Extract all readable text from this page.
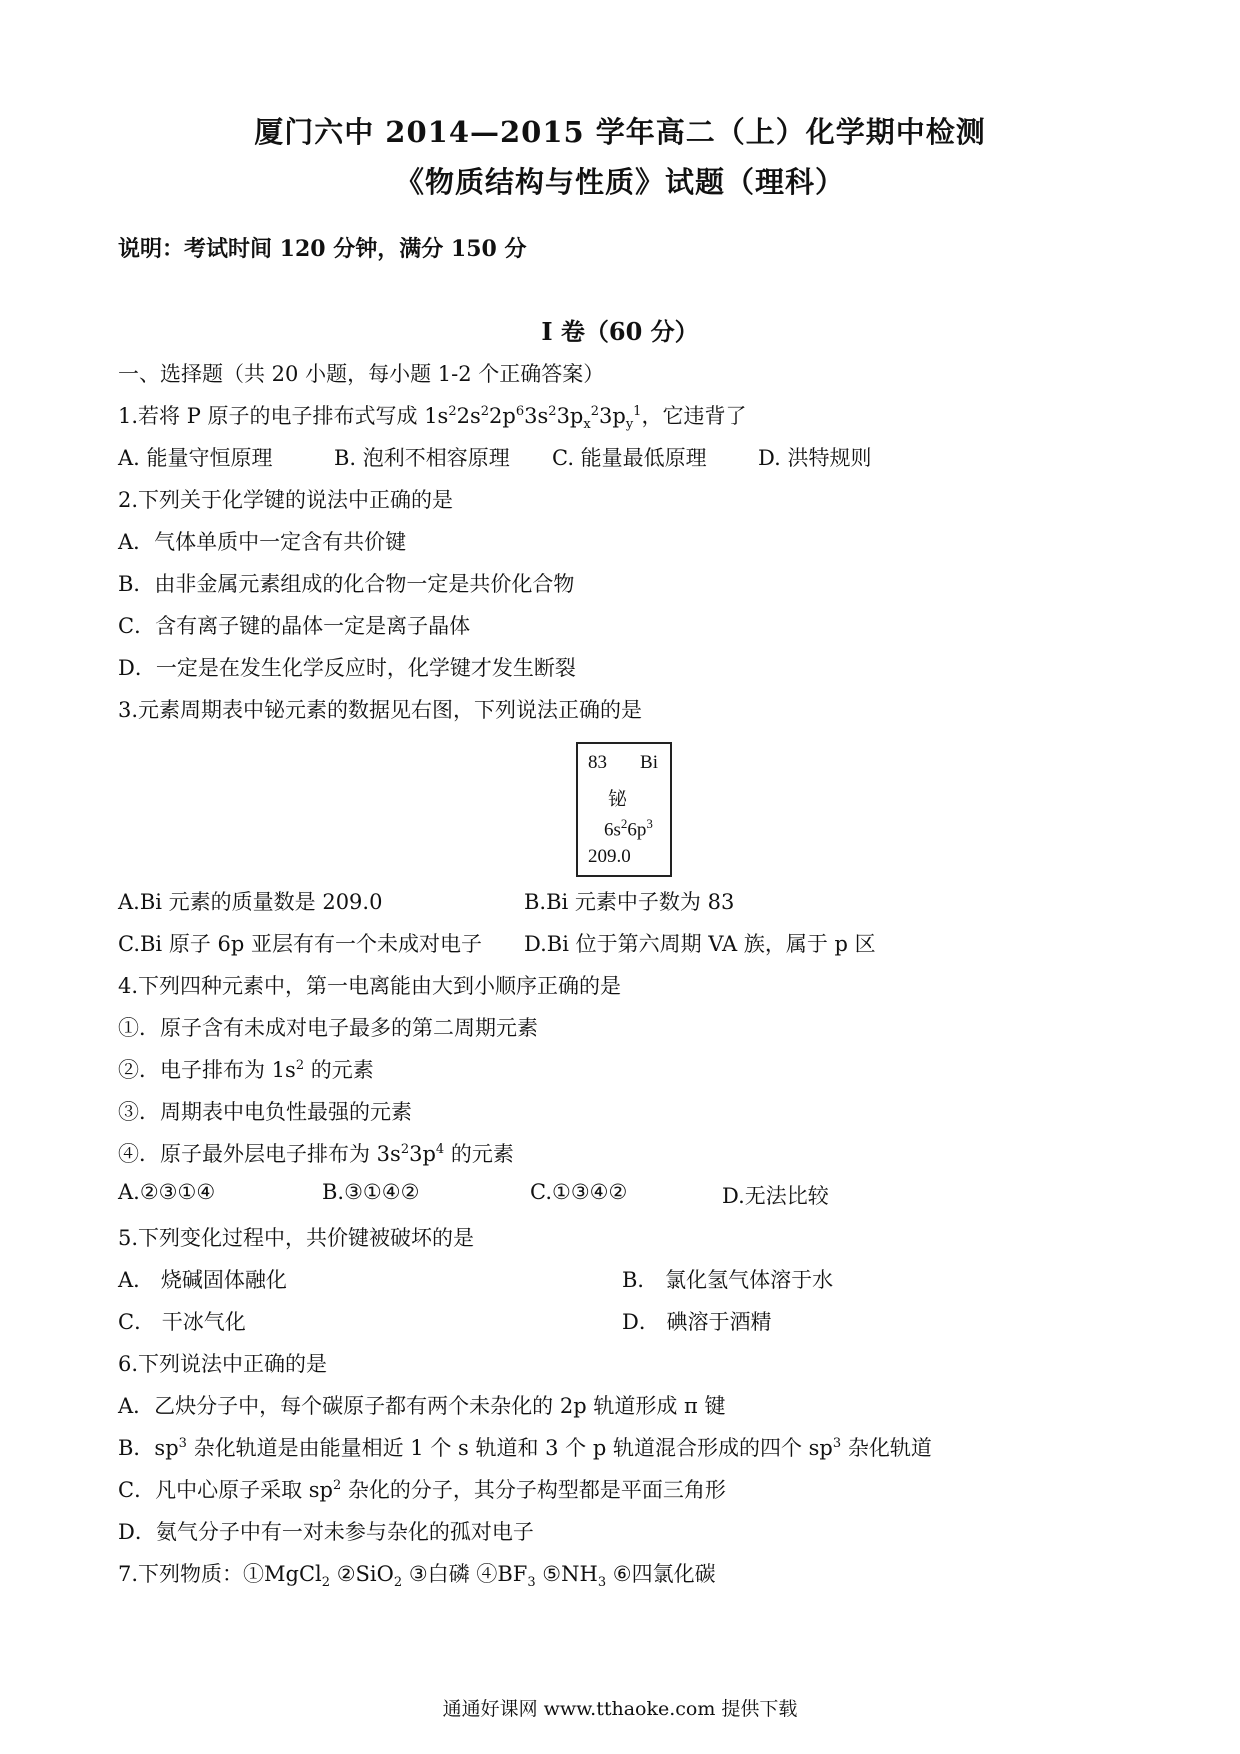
厦门六中 2014—2015 学年高二（上）化学期中检测
《物质结构与性质》试题（理科）
说明：考试时间 120 分钟，满分 150 分
Ⅰ 卷（60 分）
一、选择题（共 20 小题，每小题 1-2 个正确答案）
1.若将 P 原子的电子排布式写成 $1s^22s^22p^63s^23p_x^23p_y^1$，它违背了
A. 能量守恒原理	B. 泡利不相容原理 C. 能量最低原理 D. 洪特规则
2.下列关于化学键的说法中正确的是
A．气体单质中一定含有共价键
B．由非金属元素组成的化合物一定是共价化合物
C．含有离子键的晶体一定是离子晶体
D．一定是在发生化学反应时，化学键才发生断裂
3.元素周期表中铋元素的数据见右图，下列说法正确的是
83 Bi
铋
$6s^26p^3$
209.0
A.Bi 元素的质量数是 209.0	B.Bi 元素中子数为 83
C.Bi 原子 6p 亚层有有一个未成对电子 D.Bi 位于第六周期 VA 族，属于 p 区
4.下列四种元素中，第一电离能由大到小顺序正确的是
①．原子含有未成对电子最多的第二周期元素
②．电子排布为 $1s^2$ 的元素
③．周期表中电负性最强的元素
④．原子最外层电子排布为 $3s^23p^4$ 的元素
A.②③①④	B.③①④②	C.①③④②	D.无法比较
5.下列变化过程中，共价键被破坏的是
A． 烧碱固体融化	B． 氯化氢气体溶于水
C． 干冰气化	D． 碘溶于酒精
6.下列说法中正确的是
A．乙炔分子中，每个碳原子都有两个未杂化的 2p 轨道形成 π 键
B．$sp^3$ 杂化轨道是由能量相近 1 个 s 轨道和 3 个 p 轨道混合形成的四个 $sp^3$ 杂化轨道
C．凡中心原子采取 $sp^2$ 杂化的分子，其分子构型都是平面三角形
D．氨气分子中有一对未参与杂化的孤对电子
7.下列物质：①MgCl$_2$ ②SiO$_2$ ③白磷 $④BF_3$ $⑤NH_3$ ⑥四氯化碳
通通好课网 www.tthaoke.com 提供下载
